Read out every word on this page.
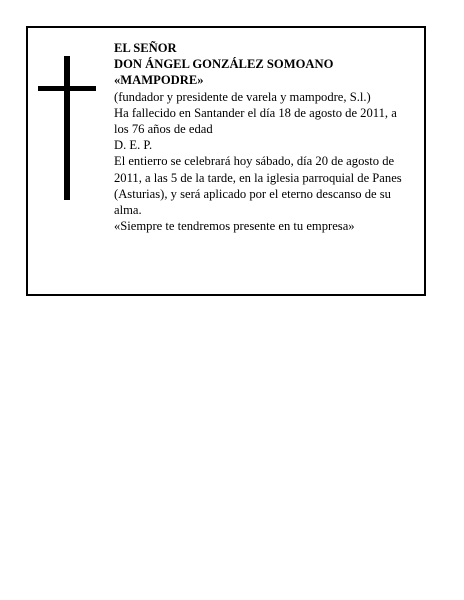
EL SEÑOR
DON ÁNGEL GONZÁLEZ SOMOANO
«MAMPODRE»
(fundador y presidente de varela y mampodre, S.l.)
Ha fallecido en Santander el día 18 de agosto de 2011, a los 76 años de edad
D. E. P.
El entierro se celebrará hoy sábado, día 20 de agosto de 2011, a las 5 de la tarde, en la iglesia parroquial de Panes (Asturias), y será aplicado por el eterno descanso de su alma.
«Siempre te tendremos presente en tu empresa»
